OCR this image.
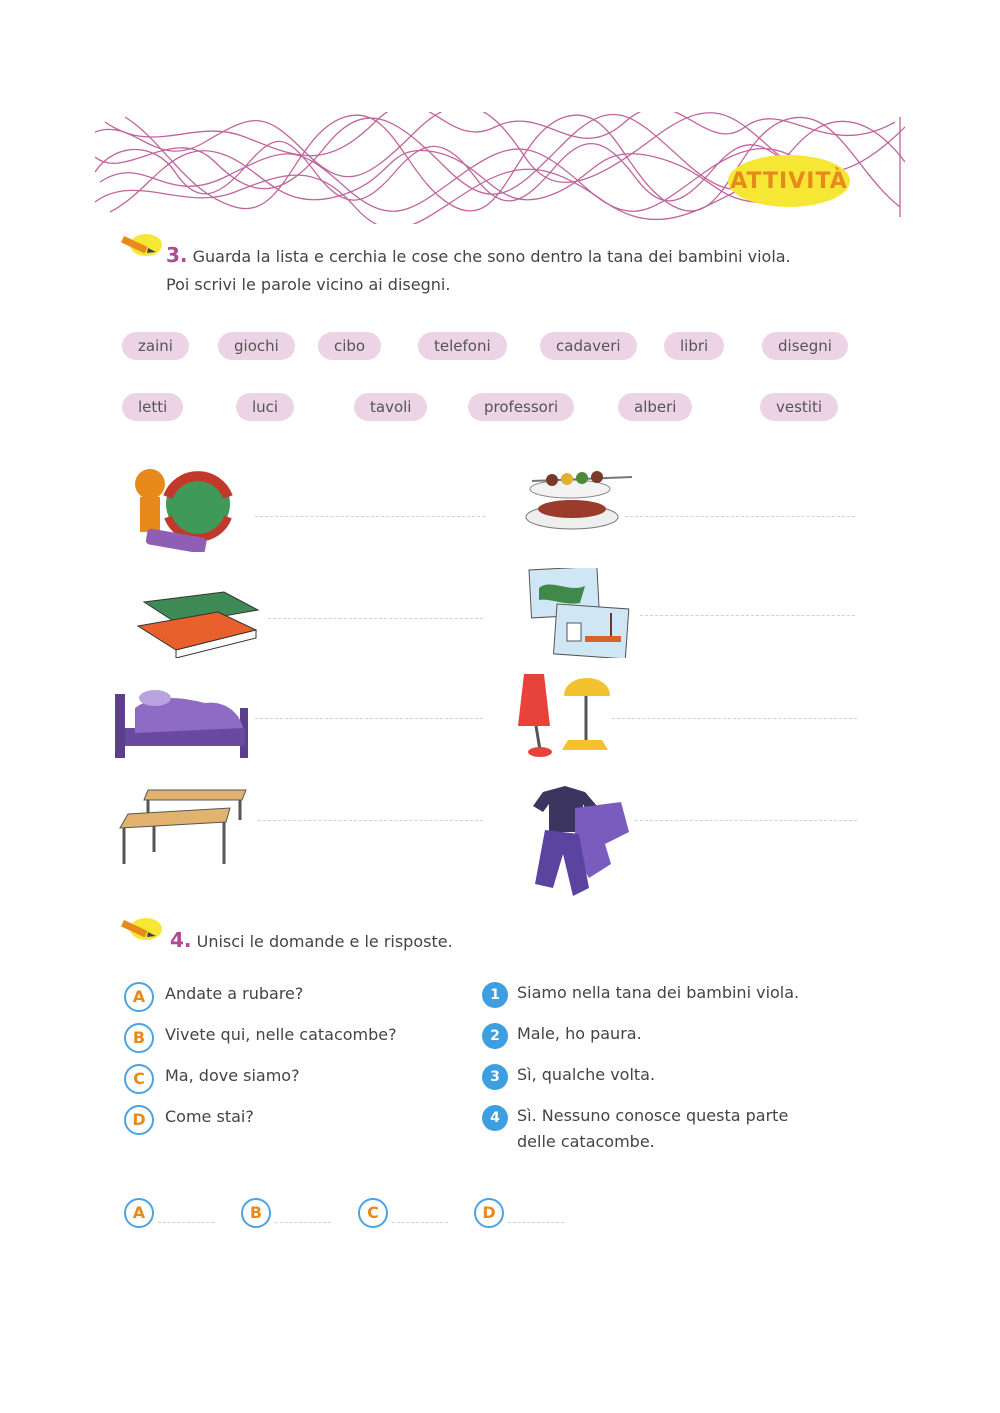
ATTIVITÀ
3. Guarda la lista e cerchia le cose che sono dentro la tana dei bambini viola.
Poi scrivi le parole vicino ai disegni.
zaini	giochi	cibo	telefoni	cadaveri	libri	disegni
letti	luci	tavoli	professori	alberi	vestiti
4. Unisci le domande e le risposte.
A	Andate a rubare?
B	Vivete qui, nelle catacombe?
C	Ma, dove siamo?
D	Come stai?
1	Siamo nella tana dei bambini viola.
2	Male, ho paura.
3	Sì, qualche volta.
4	Sì. Nessuno conosce questa parte
delle catacombe.
A	B	C	D
